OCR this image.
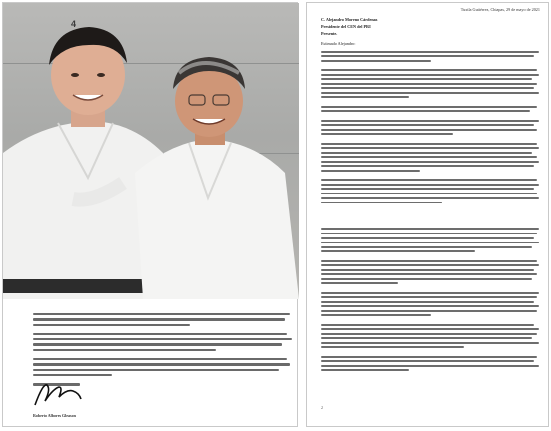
4
Roberto Albores Gleason
Tuxtla Gutiérrez, Chiapas, 29 de mayo de 2021
C. Alejandro Moreno Cárdenas
Presidente del CEN del PRI
Presente.
Estimado Alejandro:
2
